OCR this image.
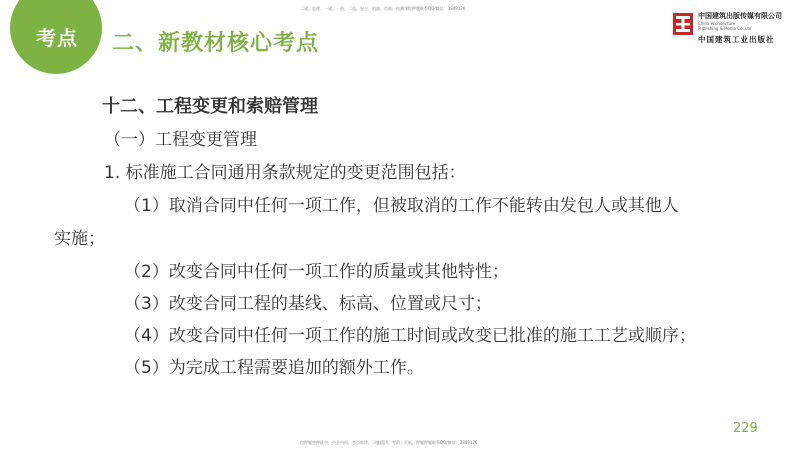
考点	二、新教材核心考点
二建、监理、一建、一造、二造、安全、消防、咨询、检测课程押题联系QQ/微信：3849176
中国建筑出版传媒有限公司
China Architecture
Publishing & Media Co.,Ltd
中国建筑工业出版社
十二、工程变更和索赔管理
（一）工程变更管理
1. 标准施工合同通用条款规定的变更范围包括：
（1）取消合同中任何一项工作，但被取消的工作不能转由发包人或其他人
实施；
（2）改变合同中任何一项工作的质量或其他特性；
（3）改变合同工程的基线、标高、位置或尺寸；
（4）改变合同中任何一项工作的施工时间或改变已批准的施工工艺或顺序；
（5）为完成工程需要追加的额外工作。
229
包押题密押班中，央企内训，考点串讲，习题精讲，考前三页纸，押题押题联系QQ/微信：3849176
